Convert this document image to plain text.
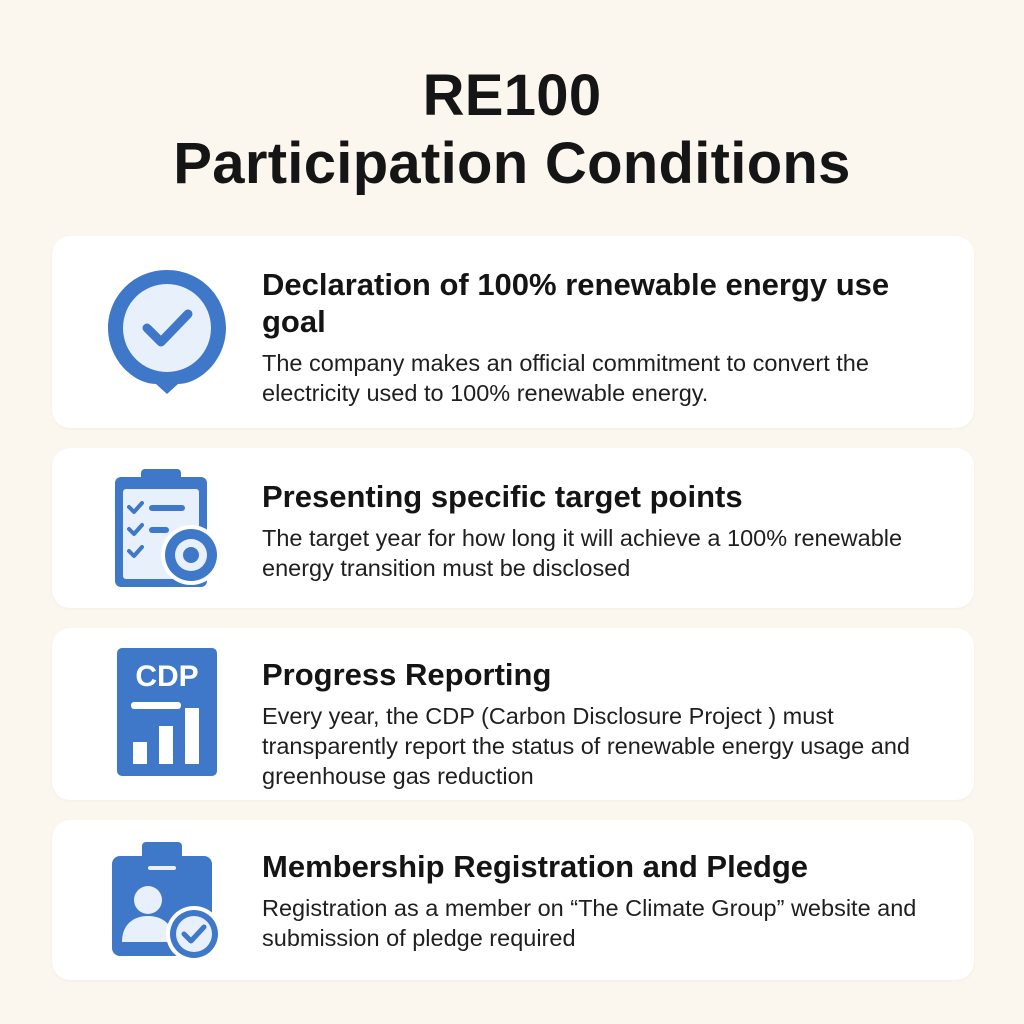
RE100
Participation Conditions
Declaration of 100% renewable energy use goal

The company makes an official commitment to convert the electricity used to 100% renewable energy.

Presenting specific target points

The target year for how long it will achieve a 100% renewable energy transition must be disclosed

CDP Progress Reporting

Every year, the CDP (Carbon Disclosure Project ) must transparently report the status of renewable energy usage and greenhouse gas reduction

Membership Registration and Pledge

Registration as a member on “The Climate Group” website and submission of pledge required
